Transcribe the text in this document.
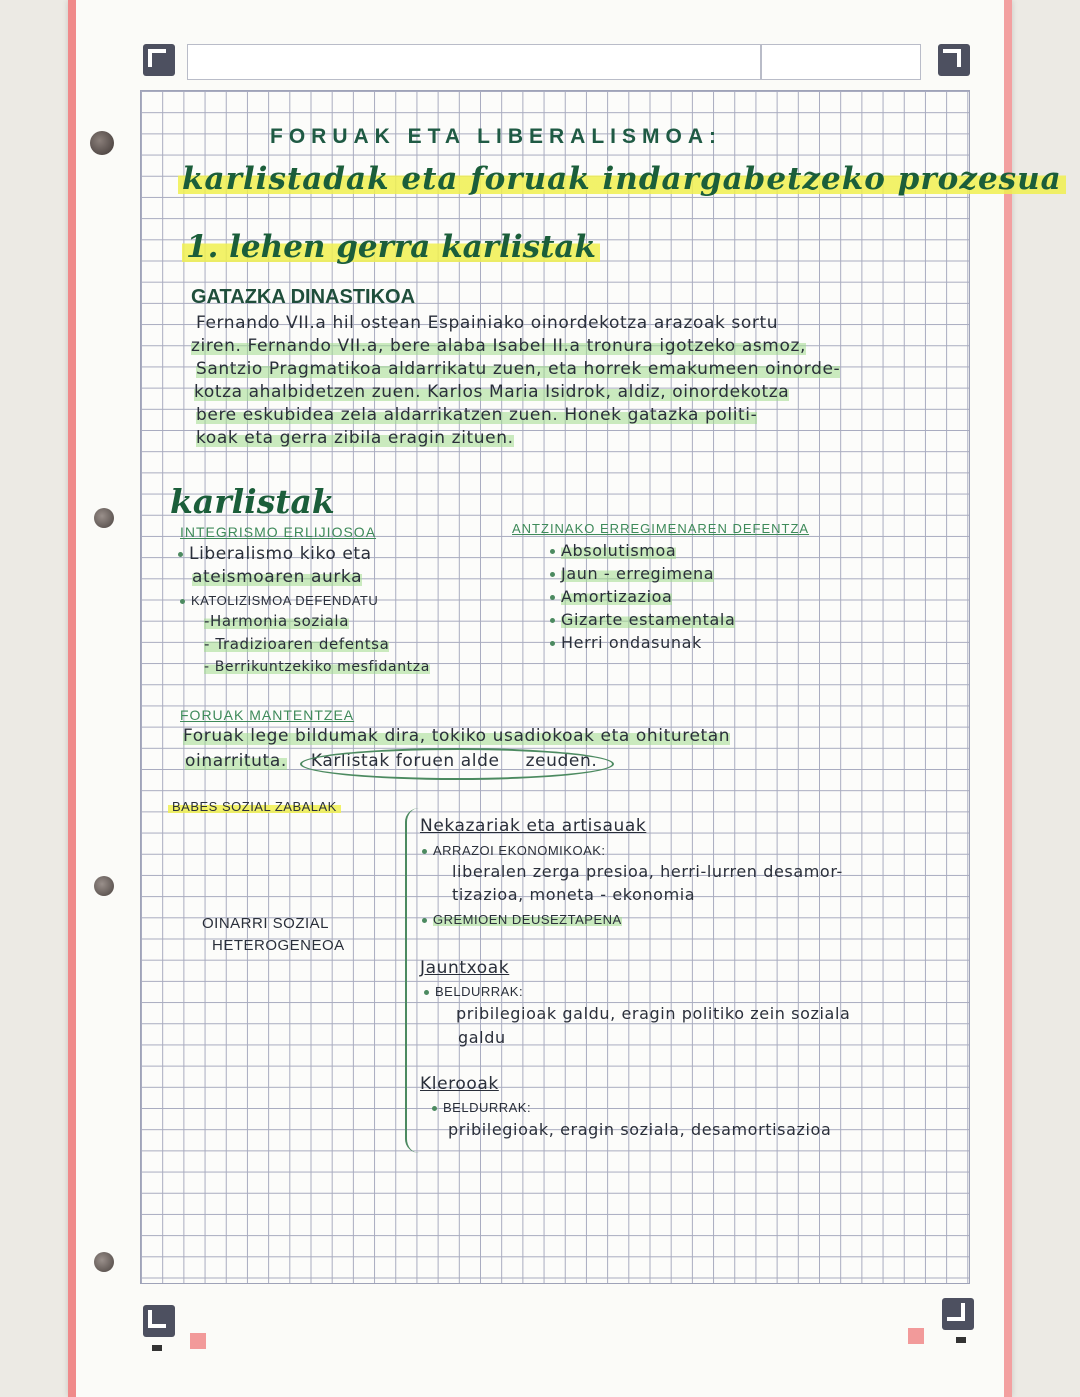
FORUAK ETA LIBERALISMOA:
karlistadak eta foruak indargabetzeko prozesua
1. lehen gerra karlistak
GATAZKA DINASTIKOA
Fernando VII.a hil ostean Espainiako oinordekotza arazoak sortu
ziren. Fernando VII.a, bere alaba Isabel II.a tronura igotzeko asmoz,
Santzio Pragmatikoa aldarrikatu zuen, eta horrek emakumeen oinorde-
kotza ahalbidetzen zuen. Karlos Maria Isidrok, aldiz, oinordekotza
bere eskubidea zela aldarrikatzen zuen. Honek gatazka politi-
koak eta gerra zibila eragin zituen.
karlistak
INTEGRISMO ERLIJIOSOA
Liberalismo kiko eta
ateismoaren aurka
KATOLIZISMOA DEFENDATU
-Harmonia soziala
- Tradizioaren defentsa
- Berrikuntzekiko mesfidantza
ANTZINAKO ERREGIMENAREN DEFENTZA
Absolutismoa
Jaun - erregimena
Amortizazioa
Gizarte estamentala
Herri ondasunak
FORUAK MANTENTZEA
Foruak lege bildumak dira, tokiko usadiokoak eta ohituretan
oinarrituta. Karlistak foruen alde zeuden.
BABES SOZIAL ZABALAK
OINARRI SOZIAL
HETEROGENEOA
Nekazariak eta artisauak
ARRAZOI EKONOMIKOAK:
liberalen zerga presioa, herri-lurren desamor-
tizazioa, moneta - ekonomia
GREMIOEN DEUSEZTAPENA
Jauntxoak
BELDURRAK:
pribilegioak galdu, eragin politiko zein soziala
galdu
Klerooak
BELDURRAK:
pribilegioak, eragin soziala, desamortisazioa
